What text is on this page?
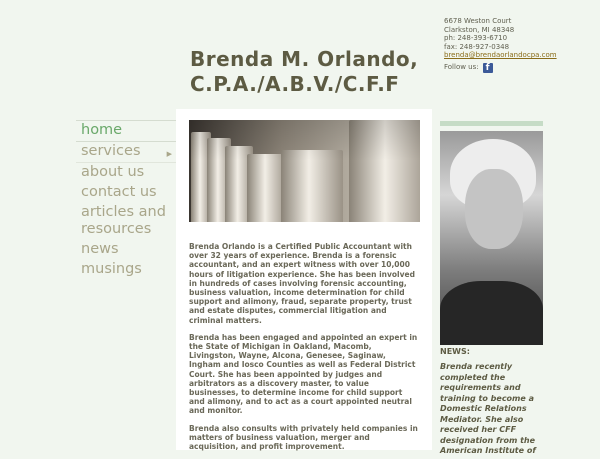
6678 Weston Court
Clarkston, MI 48348
ph: 248-393-6710
fax: 248-927-0348
brenda@brendaorlandocpa.com
Follow us: f
Brenda M. Orlando,
C.P.A./A.B.V./C.F.F
home
services	▶
about us
contact us
articles and resources
news
musings

Brenda Orlando is a Certified Public Accountant with over 32 years of experience. Brenda is a forensic accountant, and an expert witness with over 10,000 hours of litigation experience. She has been involved in hundreds of cases involving forensic accounting, business valuation, income determination for child support and alimony, fraud, separate property, trust and estate disputes, commercial litigation and criminal matters.

Brenda has been engaged and appointed an expert in the State of Michigan in Oakland, Macomb, Livingston, Wayne, Alcona, Genesee, Saginaw, Ingham and Iosco Counties as well as Federal District Court. She has been appointed by judges and arbitrators as a discovery master, to value businesses, to determine income for child support and alimony, and to act as a court appointed neutral and monitor.

Brenda also consults with privately held companies in matters of business valuation, merger and acquisition, and profit improvement.

NEWS:
Brenda recently completed the requirements and training to become a Domestic Relations Mediator. She also received her CFF designation from the American Institute of
